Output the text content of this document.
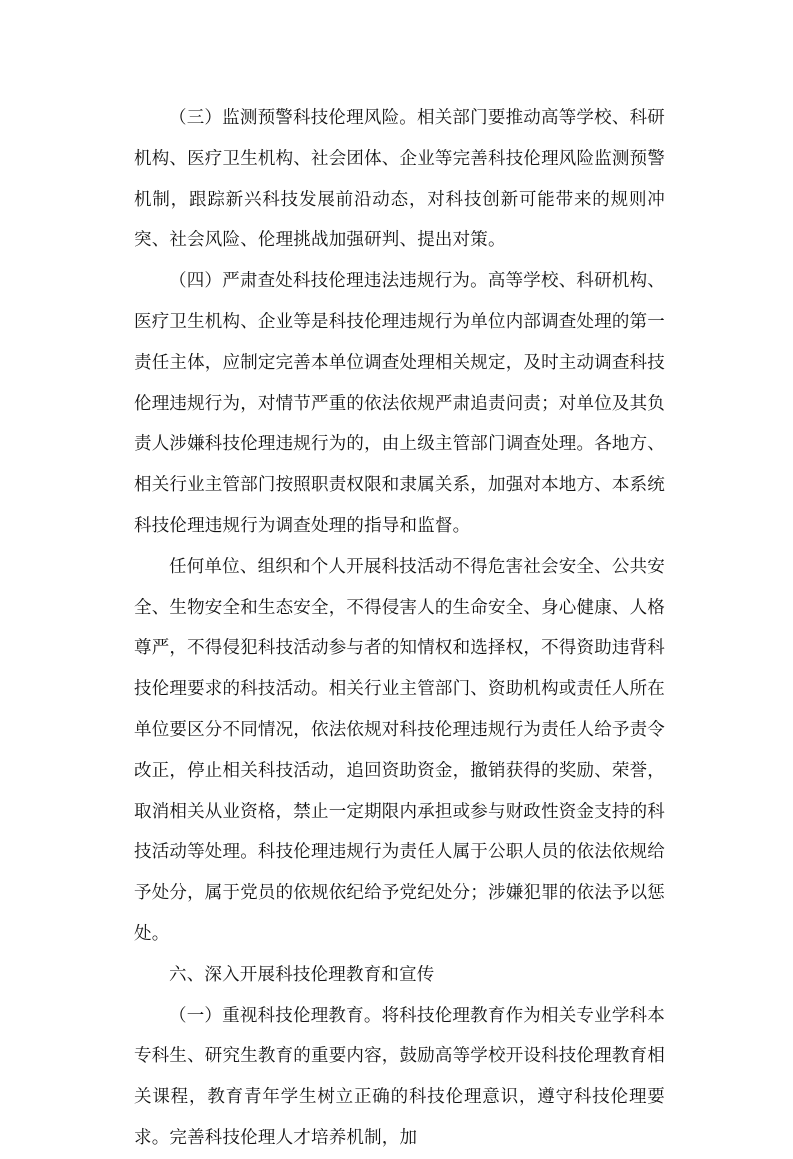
（三）监测预警科技伦理风险。相关部门要推动高等学校、科研机构、医疗卫生机构、社会团体、企业等完善科技伦理风险监测预警机制，跟踪新兴科技发展前沿动态，对科技创新可能带来的规则冲突、社会风险、伦理挑战加强研判、提出对策。

（四）严肃查处科技伦理违法违规行为。高等学校、科研机构、医疗卫生机构、企业等是科技伦理违规行为单位内部调查处理的第一责任主体，应制定完善本单位调查处理相关规定，及时主动调查科技伦理违规行为，对情节严重的依法依规严肃追责问责；对单位及其负责人涉嫌科技伦理违规行为的，由上级主管部门调查处理。各地方、相关行业主管部门按照职责权限和隶属关系，加强对本地方、本系统科技伦理违规行为调查处理的指导和监督。

任何单位、组织和个人开展科技活动不得危害社会安全、公共安全、生物安全和生态安全，不得侵害人的生命安全、身心健康、人格尊严，不得侵犯科技活动参与者的知情权和选择权，不得资助违背科技伦理要求的科技活动。相关行业主管部门、资助机构或责任人所在单位要区分不同情况，依法依规对科技伦理违规行为责任人给予责令改正，停止相关科技活动，追回资助资金，撤销获得的奖励、荣誉，取消相关从业资格，禁止一定期限内承担或参与财政性资金支持的科技活动等处理。科技伦理违规行为责任人属于公职人员的依法依规给予处分，属于党员的依规依纪给予党纪处分；涉嫌犯罪的依法予以惩处。

六、深入开展科技伦理教育和宣传

（一）重视科技伦理教育。将科技伦理教育作为相关专业学科本专科生、研究生教育的重要内容，鼓励高等学校开设科技伦理教育相关课程，教育青年学生树立正确的科技伦理意识，遵守科技伦理要求。完善科技伦理人才培养机制，加
